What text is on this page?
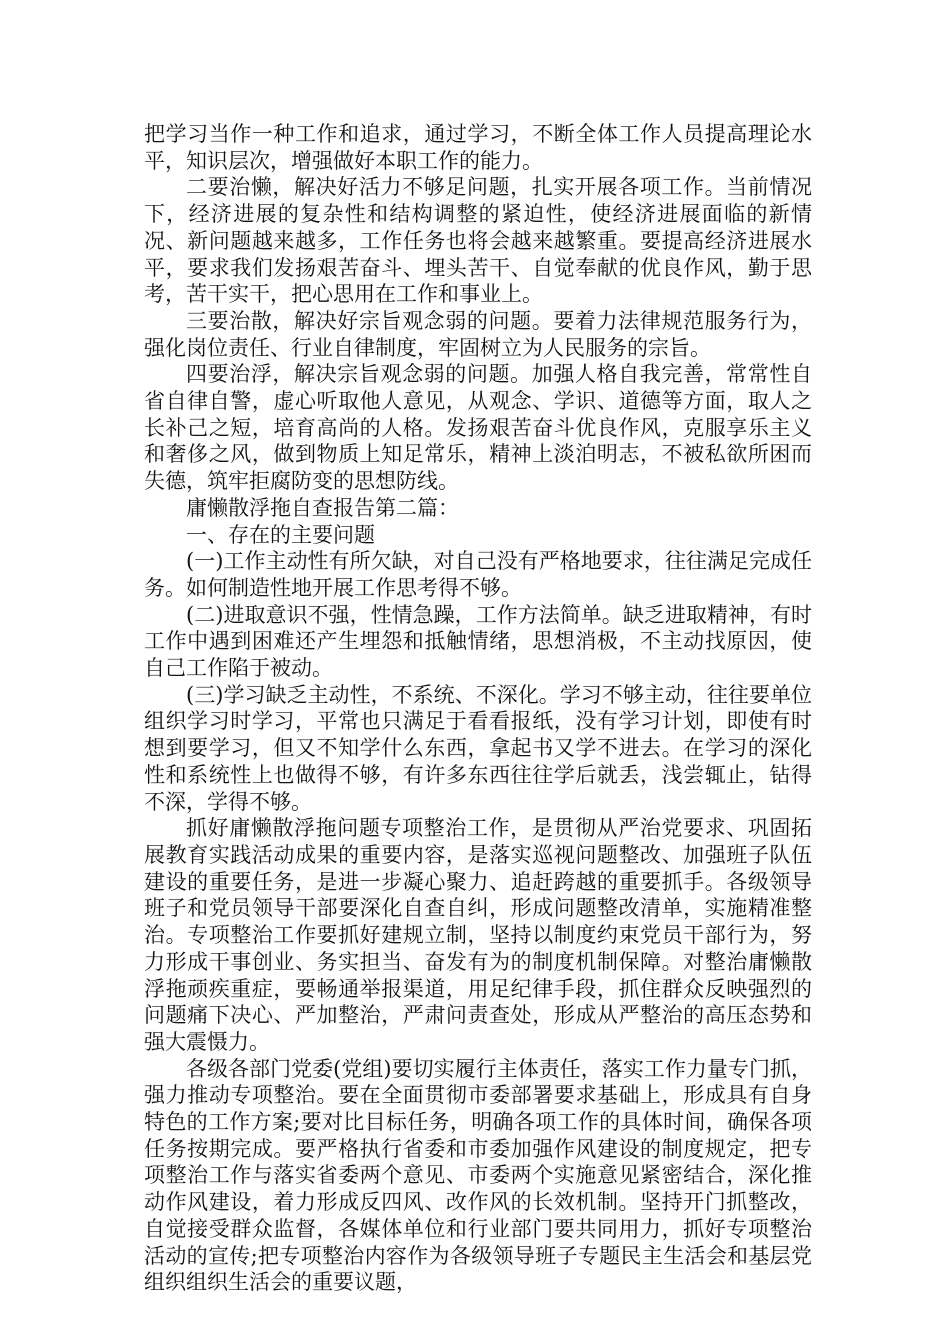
把学习当作一种工作和追求，通过学习，不断全体工作人员提高理论水平，知识层次，增强做好本职工作的能力。

二要治懒，解决好活力不够足问题，扎实开展各项工作。当前情况下，经济进展的复杂性和结构调整的紧迫性，使经济进展面临的新情况、新问题越来越多，工作任务也将会越来越繁重。要提高经济进展水平，要求我们发扬艰苦奋斗、埋头苦干、自觉奉献的优良作风，勤于思考，苦干实干，把心思用在工作和事业上。

三要治散，解决好宗旨观念弱的问题。要着力法律规范服务行为，强化岗位责任、行业自律制度，牢固树立为人民服务的宗旨。

四要治浮，解决宗旨观念弱的问题。加强人格自我完善，常常性自省自律自警，虚心听取他人意见，从观念、学识、道德等方面，取人之长补己之短，培育高尚的人格。发扬艰苦奋斗优良作风，克服享乐主义和奢侈之风，做到物质上知足常乐，精神上淡泊明志，不被私欲所困而失德，筑牢拒腐防变的思想防线。

庸懒散浮拖自查报告第二篇：

一、存在的主要问题

(一)工作主动性有所欠缺，对自己没有严格地要求，往往满足完成任务。如何制造性地开展工作思考得不够。

(二)进取意识不强，性情急躁，工作方法简单。缺乏进取精神，有时工作中遇到困难还产生埋怨和抵触情绪，思想消极，不主动找原因，使自己工作陷于被动。

(三)学习缺乏主动性，不系统、不深化。学习不够主动，往往要单位组织学习时学习，平常也只满足于看看报纸，没有学习计划，即使有时想到要学习，但又不知学什么东西，拿起书又学不进去。在学习的深化性和系统性上也做得不够，有许多东西往往学后就丢，浅尝辄止，钻得不深，学得不够。

抓好庸懒散浮拖问题专项整治工作，是贯彻从严治党要求、巩固拓展教育实践活动成果的重要内容，是落实巡视问题整改、加强班子队伍建设的重要任务，是进一步凝心聚力、追赶跨越的重要抓手。各级领导班子和党员领导干部要深化自查自纠，形成问题整改清单，实施精准整治。专项整治工作要抓好建规立制，坚持以制度约束党员干部行为，努力形成干事创业、务实担当、奋发有为的制度机制保障。对整治庸懒散浮拖顽疾重症，要畅通举报渠道，用足纪律手段，抓住群众反映强烈的问题痛下决心、严加整治，严肃问责查处，形成从严整治的高压态势和强大震慑力。

各级各部门党委(党组)要切实履行主体责任，落实工作力量专门抓，强力推动专项整治。要在全面贯彻市委部署要求基础上，形成具有自身特色的工作方案;要对比目标任务，明确各项工作的具体时间，确保各项任务按期完成。要严格执行省委和市委加强作风建设的制度规定，把专项整治工作与落实省委两个意见、市委两个实施意见紧密结合，深化推动作风建设，着力形成反四风、改作风的长效机制。坚持开门抓整改，自觉接受群众监督，各媒体单位和行业部门要共同用力，抓好专项整治活动的宣传;把专项整治内容作为各级领导班子专题民主生活会和基层党组织组织生活会的重要议题，
